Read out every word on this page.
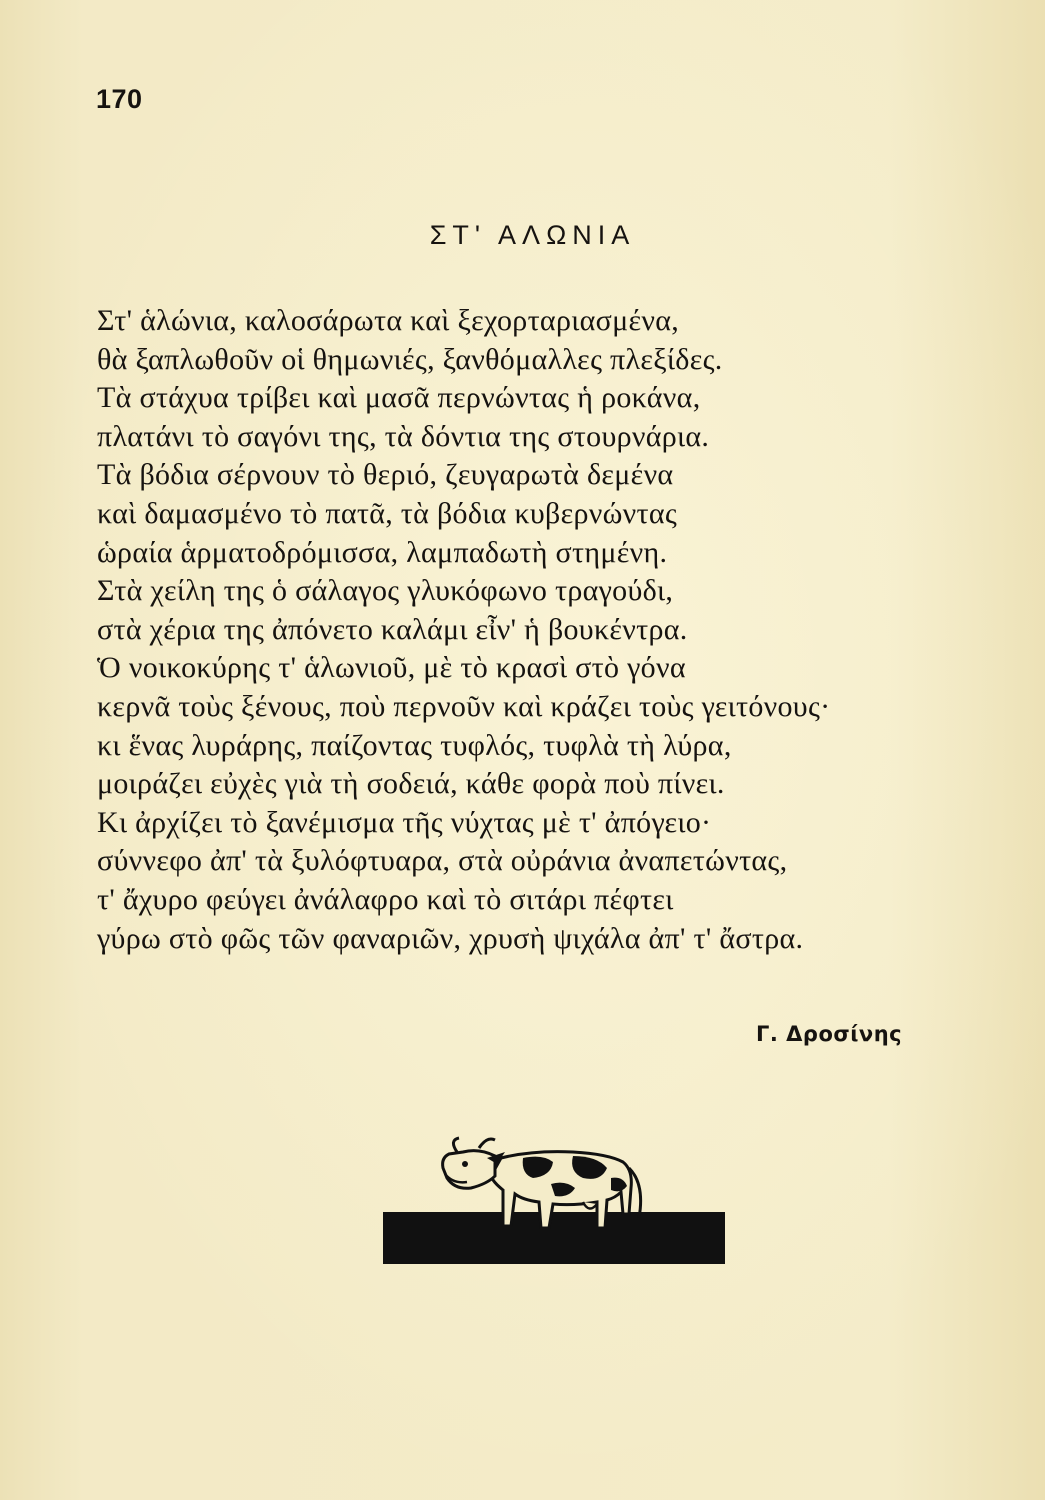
170
ΣΤ' ΑΛΩΝΙΑ
Στ' ἁλώνια, καλοσάρωτα καὶ ξεχορταριασμένα,
θὰ ξαπλωθοῦν οἱ θημωνιές, ξανθόμαλλες πλεξίδες.
Τὰ στάχυα τρίβει καὶ μασᾶ περνώντας ἡ ροκάνα,
πλατάνι τὸ σαγόνι της, τὰ δόντια της στουρνάρια.
Τὰ βόδια σέρνουν τὸ θεριό, ζευγαρωτὰ δεμένα
καὶ δαμασμένο τὸ πατᾶ, τὰ βόδια κυβερνώντας
ὡραία ἁρματοδρόμισσα, λαμπαδωτὴ στημένη.
Στὰ χείλη της ὁ σάλαγος γλυκόφωνο τραγούδι,
στὰ χέρια της ἀπόνετο καλάμι εἶν' ἡ βουκέντρα.
Ὁ νοικοκύρης τ' ἁλωνιοῦ, μὲ τὸ κρασὶ στὸ γόνα
κερνᾶ τοὺς ξένους, ποὺ περνοῦν καὶ κράζει τοὺς γειτόνους·
κι ἕνας λυράρης, παίζοντας τυφλός, τυφλὰ τὴ λύρα,
μοιράζει εὐχὲς γιὰ τὴ σοδειά, κάθε φορὰ ποὺ πίνει.
Κι ἀρχίζει τὸ ξανέμισμα τῆς νύχτας μὲ τ' ἀπόγειο·
σύννεφο ἀπ' τὰ ξυλόφτυαρα, στὰ οὐράνια ἀναπετώντας,
τ' ἄχυρο φεύγει ἀνάλαφρο καὶ τὸ σιτάρι πέφτει
γύρω στὸ φῶς τῶν φαναριῶν, χρυσὴ ψιχάλα ἀπ' τ' ἄστρα.
Γ. Δροσίνης
